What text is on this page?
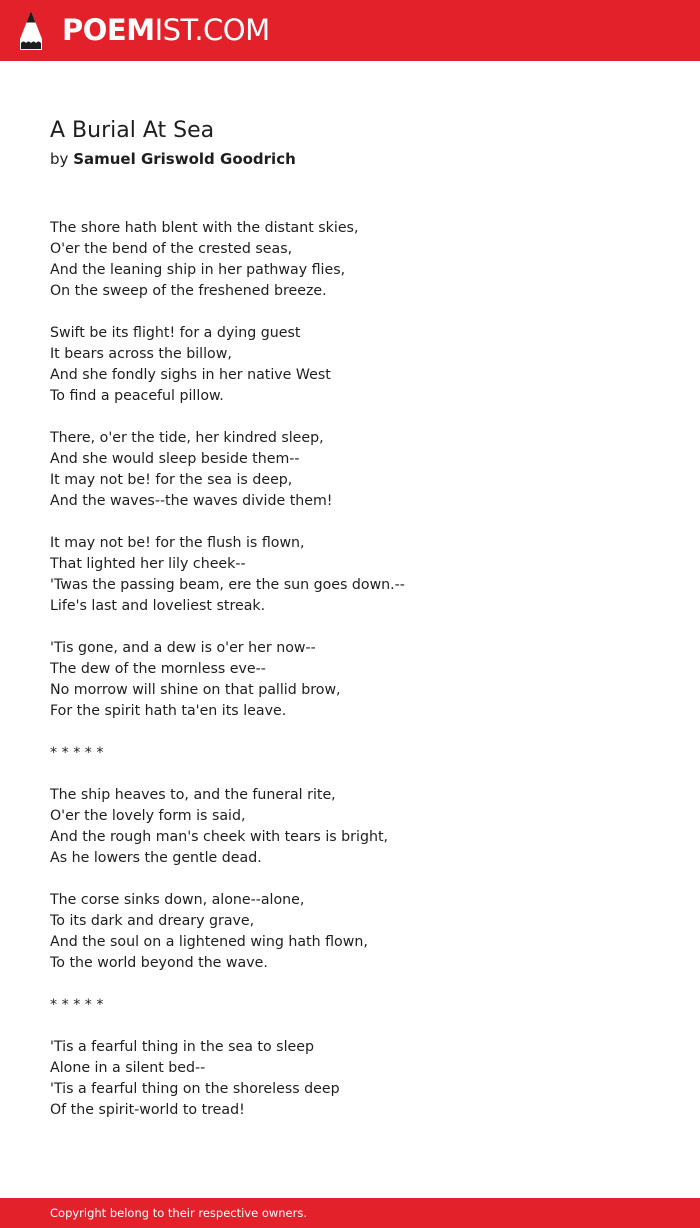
POEMIST.COM
A Burial At Sea
by Samuel Griswold Goodrich
The shore hath blent with the distant skies,
O'er the bend of the crested seas,
And the leaning ship in her pathway flies,
On the sweep of the freshened breeze.
Swift be its flight! for a dying guest
It bears across the billow,
And she fondly sighs in her native West
To find a peaceful pillow.
There, o'er the tide, her kindred sleep,
And she would sleep beside them--
It may not be! for the sea is deep,
And the waves--the waves divide them!
It may not be! for the flush is flown,
That lighted her lily cheek--
'Twas the passing beam, ere the sun goes down.--
Life's last and loveliest streak.
'Tis gone, and a dew is o'er her now--
The dew of the mornless eve--
No morrow will shine on that pallid brow,
For the spirit hath ta'en its leave.
* * * * *
The ship heaves to, and the funeral rite,
O'er the lovely form is said,
And the rough man's cheek with tears is bright,
As he lowers the gentle dead.
The corse sinks down, alone--alone,
To its dark and dreary grave,
And the soul on a lightened wing hath flown,
To the world beyond the wave.
* * * * *
'Tis a fearful thing in the sea to sleep
Alone in a silent bed--
'Tis a fearful thing on the shoreless deep
Of the spirit-world to tread!
Copyright belong to their respective owners.
